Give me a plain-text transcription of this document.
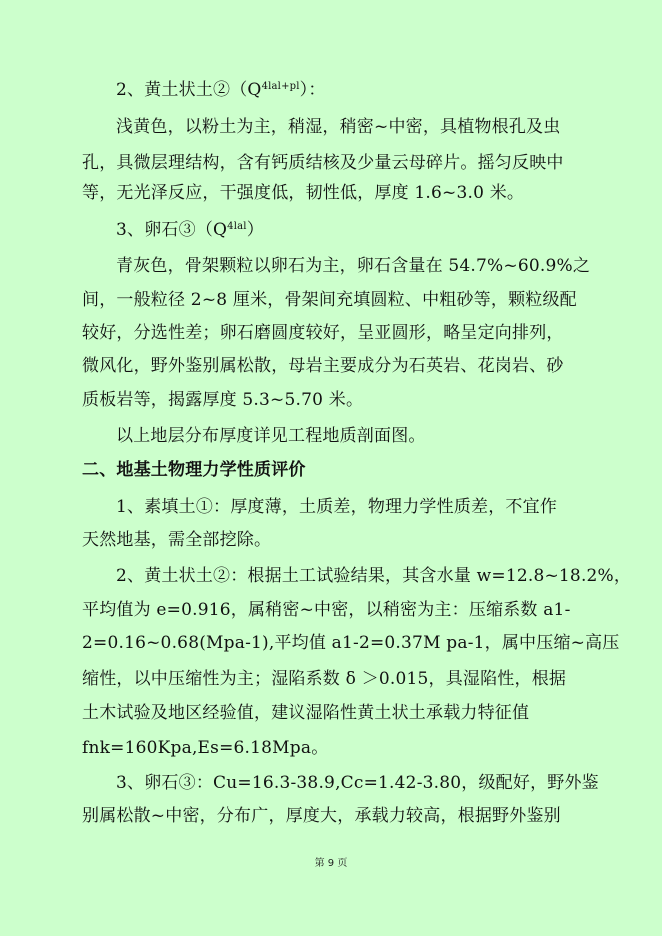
2、黄土状土$②(Q^{4lal+pl})$：
浅黄色，以粉土为主，稍湿，稍密~中密，具植物根孔及虫
孔，具微层理结构，含有钙质结核及少量云母碎片。摇匀反映中
等，无光泽反应，干强度低，韧性低，厚度 1.6~3.0 米。
3、卵石$③(Q^{4lal})$
青灰色，骨架颗粒以卵石为主，卵石含量在 54.7%~60.9%之
间，一般粒径 2~8 厘米，骨架间充填圆粒、中粗砂等，颗粒级配
较好，分选性差；卵石磨圆度较好，呈亚圆形，略呈定向排列，
微风化，野外鉴别属松散，母岩主要成分为石英岩、花岗岩、砂
质板岩等，揭露厚度 5.3~5.70 米。
以上地层分布厚度详见工程地质剖面图。
二、地基土物理力学性质评价
1、素填土①：厚度薄，土质差，物理力学性质差，不宜作
天然地基，需全部挖除。
2、黄土状土②：根据土工试验结果，其含水量 w=12.8~18.2%，
平均值为 e=0.916，属稍密~中密，以稍密为主：压缩系数 a1-
2=0.16~0.68(Mpa-1),平均值 a1-2=0.37M pa-1，属中压缩~高压
缩性，以中压缩性为主；湿陷系数 δ ＞0.015，具湿陷性，根据
土木试验及地区经验值，建议湿陷性黄土状土承载力特征值
fnk=160Kpa,Es=6.18Mpa。
3、卵石③：Cu=16.3-38.9,Cc=1.42-3.80，级配好，野外鉴
别属松散~中密，分布广，厚度大，承载力较高，根据野外鉴别
第 9 页
